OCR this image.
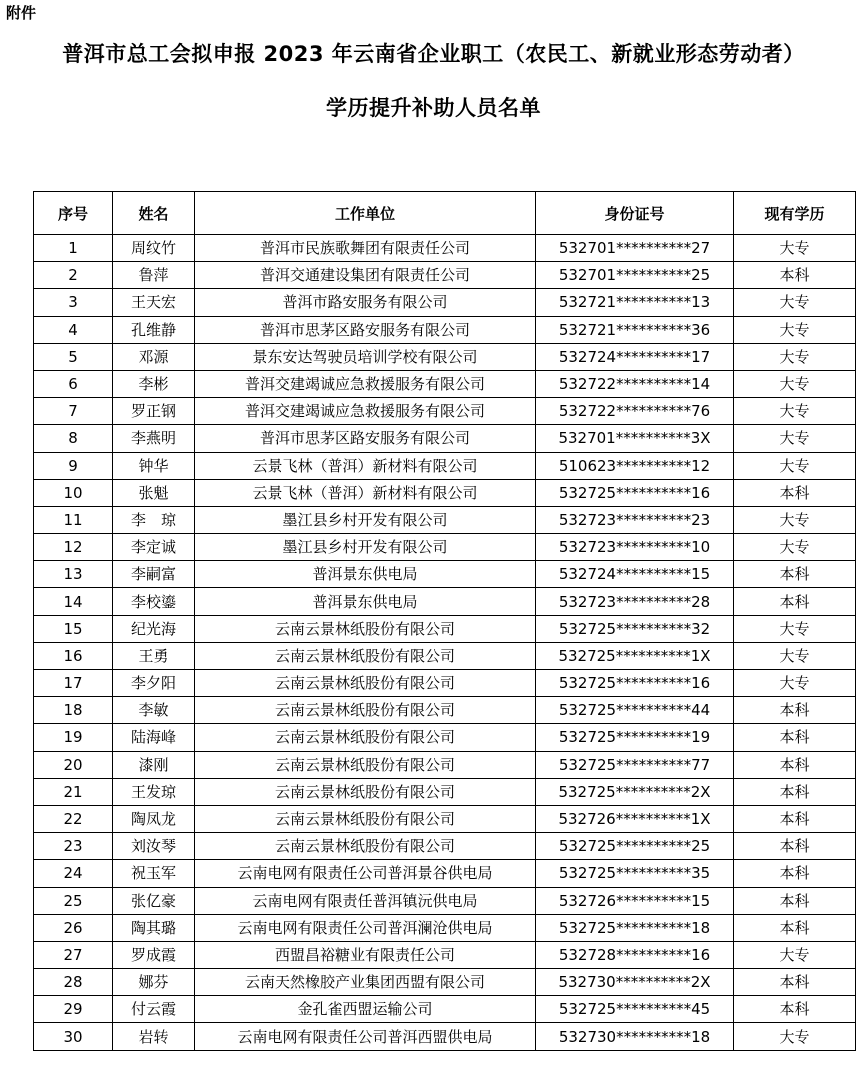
附件
普洱市总工会拟申报 2023 年云南省企业职工（农民工、新就业形态劳动者）
学历提升补助人员名单
序号	姓名	工作单位	身份证号	现有学历
1	周纹竹	普洱市民族歌舞团有限责任公司	532701**********27	大专
2	鲁萍	普洱交通建设集团有限责任公司	532701**********25	本科
3	王天宏	普洱市路安服务有限公司	532721**********13	大专
4	孔维静	普洱市思茅区路安服务有限公司	532721**********36	大专
5	邓源	景东安达驾驶员培训学校有限公司	532724**********17	大专
6	李彬	普洱交建竭诚应急救援服务有限公司	532722**********14	大专
7	罗正钢	普洱交建竭诚应急救援服务有限公司	532722**********76	大专
8	李燕明	普洱市思茅区路安服务有限公司	532701**********3X	大专
9	钟华	云景飞林（普洱）新材料有限公司	510623**********12	大专
10	张魁	云景飞林（普洱）新材料有限公司	532725**********16	本科
11	李　琼	墨江县乡村开发有限公司	532723**********23	大专
12	李定诚	墨江县乡村开发有限公司	532723**********10	大专
13	李嗣富	普洱景东供电局	532724**********15	本科
14	李校鎏	普洱景东供电局	532723**********28	本科
15	纪光海	云南云景林纸股份有限公司	532725**********32	大专
16	王勇	云南云景林纸股份有限公司	532725**********1X	大专
17	李夕阳	云南云景林纸股份有限公司	532725**********16	大专
18	李敏	云南云景林纸股份有限公司	532725**********44	本科
19	陆海峰	云南云景林纸股份有限公司	532725**********19	本科
20	漆刚	云南云景林纸股份有限公司	532725**********77	本科
21	王发琼	云南云景林纸股份有限公司	532725**********2X	本科
22	陶凤龙	云南云景林纸股份有限公司	532726**********1X	本科
23	刘汝琴	云南云景林纸股份有限公司	532725**********25	本科
24	祝玉军	云南电网有限责任公司普洱景谷供电局	532725**********35	本科
25	张亿豪	云南电网有限责任普洱镇沅供电局	532726**********15	本科
26	陶其璐	云南电网有限责任公司普洱澜沧供电局	532725**********18	本科
27	罗成霞	西盟昌裕糖业有限责任公司	532728**********16	大专
28	娜芬	云南天然橡胶产业集团西盟有限公司	532730**********2X	本科
29	付云霞	金孔雀西盟运输公司	532725**********45	本科
30	岩转	云南电网有限责任公司普洱西盟供电局	532730**********18	大专
